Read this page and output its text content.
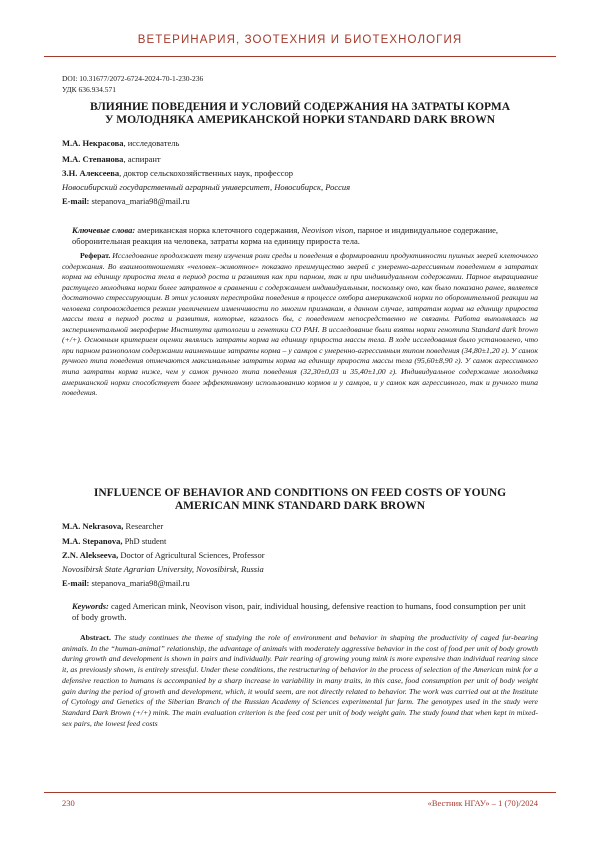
ВЕТЕРИНАРИЯ, ЗООТЕХНИЯ И БИОТЕХНОЛОГИЯ
DOI: 10.31677/2072-6724-2024-70-1-230-236
УДК 636.934.571
ВЛИЯНИЕ ПОВЕДЕНИЯ И УСЛОВИЙ СОДЕРЖАНИЯ НА ЗАТРАТЫ КОРМА
У МОЛОДНЯКА АМЕРИКАНСКОЙ НОРКИ STANDARD DARK BROWN
М.А. Некрасова, исследователь
М.А. Степанова, аспирант
З.Н. Алексеева, доктор сельскохозяйственных наук, профессор
Новосибирский государственный аграрный университет, Новосибирск, Россия
E-mail: stepanova_maria98@mail.ru
Ключевые слова: американская норка клеточного содержания, Neovison vison, парное и индивидуальное содержание, оборонительная реакция на человека, затраты корма на единицу прироста тела.
Реферат. Исследование продолжает тему изучения роли среды и поведения в формировании продуктивности пушных зверей клеточного содержания. Во взаимоотношениях «человек–животное» показано преимущество зверей с умеренно-агрессивным поведением в затратах корма на единицу прироста тела в период роста и развития как при парном, так и при индивидуальном содержании. Парное выращивание растущего молодняка норки более затратное в сравнении с содержанием индивидуальным, поскольку оно, как было показано ранее, является достаточно стрессирующим. В этих условиях перестройка поведения в процессе отбора американской норки по оборонительной реакции на человека сопровождается резким увеличением изменчивости по многим признакам, в данном случае, затратам корма на единицу прироста массы тела в период роста и развития, которые, казалось бы, с поведением непосредственно не связаны. Работа выполнялась на экспериментальной звероферме Института цитологии и генетики СО РАН. В исследование были взяты норки генотипа Standard dark brown (+/+). Основным критерием оценки являлись затраты корма на единицу прироста массы тела. В ходе исследования было установлено, что при парном разнополом содержании наименьшие затраты корма – у самцов с умеренно-агрессивным типом поведения (34,80±1,20 г). У самок ручного типа поведения отмечаются максимальные затраты корма на единицу прироста массы тела (95,60±8,90 г). У самок агрессивного типа затраты корма ниже, чем у самок ручного типа поведения (32,30±0,03 и 35,40±1,00 г). Индивидуальное содержание молодняка американской норки способствует более эффективному использованию кормов и у самцов, и у самок как агрессивного, так и ручного типа поведения.
INFLUENCE OF BEHAVIOR AND CONDITIONS ON FEED COSTS OF YOUNG
AMERICAN MINK STANDARD DARK BROWN
M.A. Nekrasova, Researcher
M.A. Stepanova, PhD student
Z.N. Alekseeva, Doctor of Agricultural Sciences, Professor
Novosibirsk State Agrarian University, Novosibirsk, Russia
E-mail: stepanova_maria98@mail.ru
Keywords: caged American mink, Neovison vison, pair, individual housing, defensive reaction to humans, food consumption per unit of body growth.
Abstract. The study continues the theme of studying the role of environment and behavior in shaping the productivity of caged fur-bearing animals. In the “human-animal” relationship, the advantage of animals with moderately aggressive behavior in the cost of food per unit of body growth during growth and development is shown in pairs and individually. Pair rearing of growing young mink is more expensive than individual rearing since it, as previously shown, is entirely stressful. Under these conditions, the restructuring of behavior in the process of selection of the American mink for a defensive reaction to humans is accompanied by a sharp increase in variability in many traits, in this case, food consumption per unit of body weight gain during the period of growth and development, which, it would seem, are not directly related to behavior. The work was carried out at the Institute of Cytology and Genetics of the Siberian Branch of the Russian Academy of Sciences experimental fur farm. The genotypes used in the study were Standard Dark Brown (+/+) mink. The main evaluation criterion is the feed cost per unit of body weight gain. The study found that when kept in mixed-sex pairs, the lowest feed costs
230	«Вестник НГАУ» – 1 (70)/2024
